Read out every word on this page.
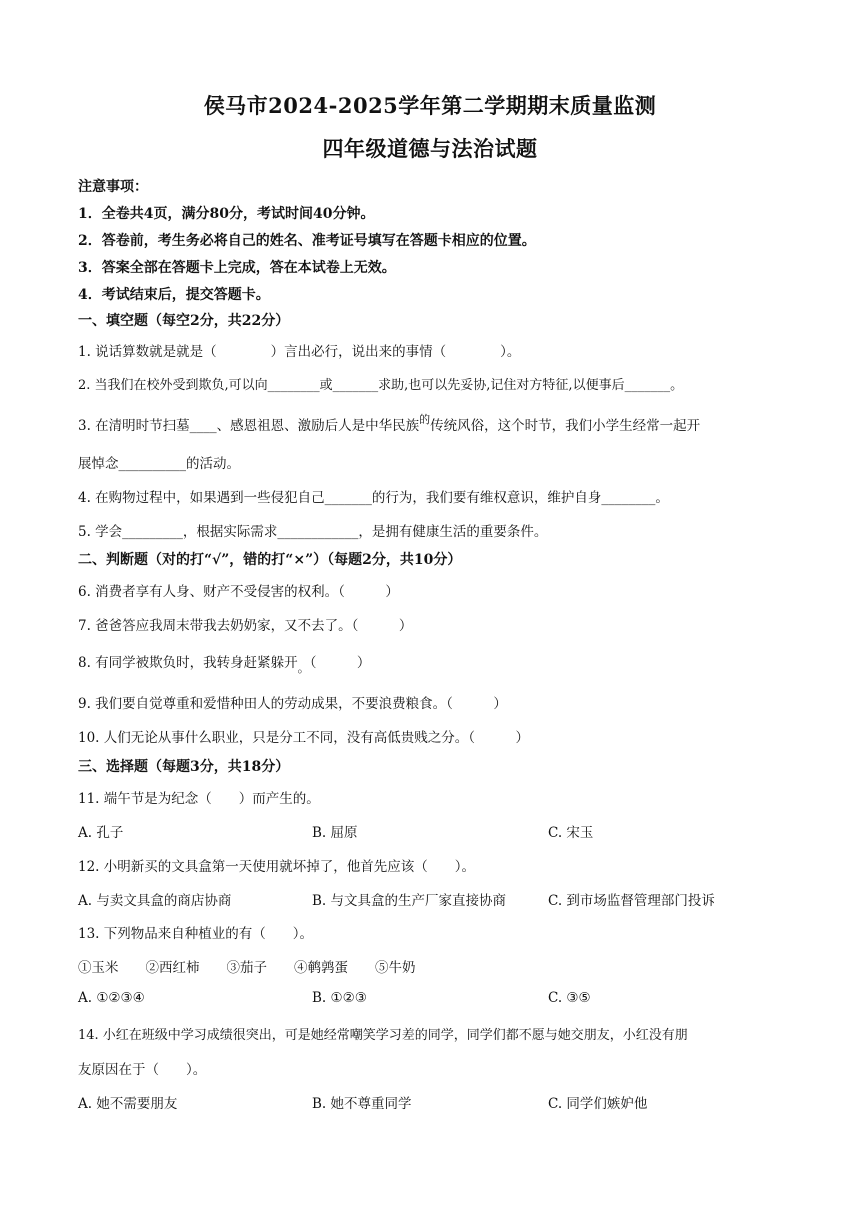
侯马市2024-2025学年第二学期期末质量监测
四年级道德与法治试题
注意事项：
1．全卷共4页，满分80分，考试时间40分钟。
2．答卷前，考生务必将自己的姓名、准考证号填写在答题卡相应的位置。
3．答案全部在答题卡上完成，答在本试卷上无效。
4．考试结束后，提交答题卡。
一、填空题（每空2分，共22分）
1. 说话算数就是就是（　　　　）言出必行，说出来的事情（　　　　）。
2. 当我们在校外受到欺负,可以向________或_______求助,也可以先妥协,记住对方特征,以便事后_______。
3. 在清明时节扫墓____、感恩祖恩、激励后人是中华民族$^的$传统风俗，这个时节，我们小学生经常一起开
展悼念__________的活动。
4. 在购物过程中，如果遇到一些侵犯自己_______的行为，我们要有维权意识，维护自身________。
5. 学会_________，根据实际需求____________，是拥有健康生活的重要条件。
二、判断题（对的打“√”，错的打“×”）（每题2分，共10分）
6. 消费者享有人身、财产不受侵害的权利。（　　　）
7. 爸爸答应我周末带我去奶奶家，又不去了。（　　　）
8. 有同学被欺负时，我转身赶紧躲开。（　　　）
9. 我们要自觉尊重和爱惜种田人的劳动成果，不要浪费粮食。（　　　）
10. 人们无论从事什么职业，只是分工不同，没有高低贵贱之分。（　　　）
三、选择题（每题3分，共18分）
11. 端午节是为纪念（　　）而产生的。
A. 孔子	B. 屈原	C. 宋玉
12. 小明新买的文具盒第一天使用就坏掉了，他首先应该（　　）。
A. 与卖文具盒的商店协商	B. 与文具盒的生产厂家直接协商	C. 到市场监督管理部门投诉
13. 下列物品来自种植业的有（　　）。
①玉米　　②西红柿　　③茄子　　④鹌鹑蛋　　⑤牛奶
A. ①②③④	B. ①②③	C. ③⑤
14. 小红在班级中学习成绩很突出，可是她经常嘲笑学习差的同学，同学们都不愿与她交朋友，小红没有朋
友原因在于（　　）。
A. 她不需要朋友	B. 她不尊重同学	C. 同学们嫉妒他
